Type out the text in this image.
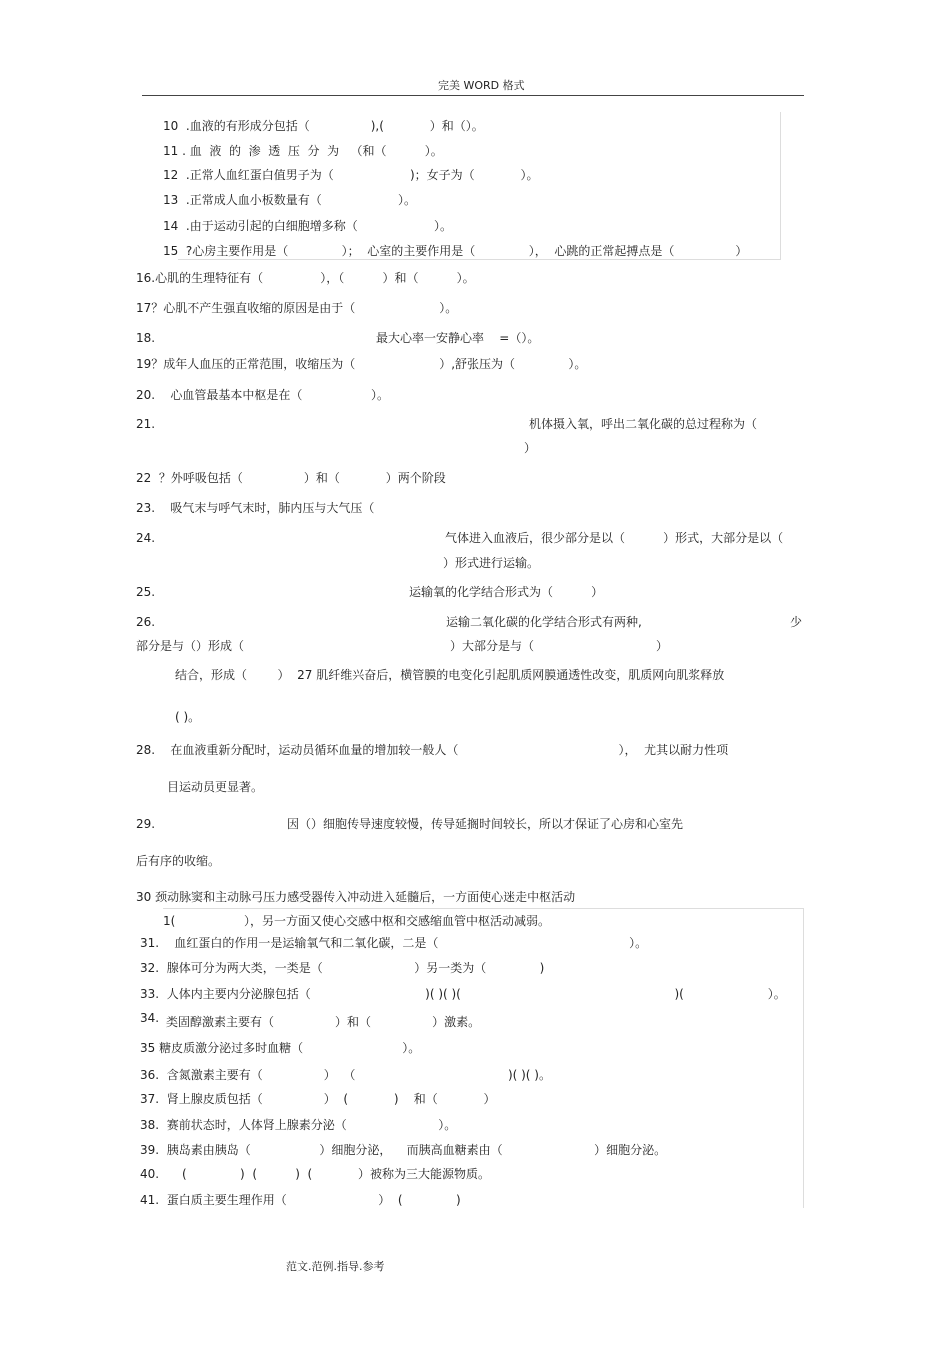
完美 WORD 格式
10  .血液的有形成分包括（                ),(            ）和（）。
11 . 血  液  的  渗  透  压  分  为   （和（          ）。
12  .正常人血红蛋白值男子为（                    )；女子为（            ）。
13  .正常成人血小板数量有（                    ）。
14  .由于运动引起的白细胞增多称（                    ）。
15  ?心房主要作用是（              ）；  心室的主要作用是（              ），  心跳的正常起搏点是（                ）
16.心肌的生理特征有（               ），（          ）和（          ）。
17？心肌不产生强直收缩的原因是由于（                      ）。
18.	最大心率一安静心率    =（）。
19？成年人血压的正常范围，收缩压为（                      ）,舒张压为（              ）。
20.    心血管最基本中枢是在（                  ）。
21.	机体摄入氧，呼出二氧化碳的总过程称为（
）
22  ？外呼吸包括（                ）和（            ）两个阶段
23.    吸气末与呼气末时，肺内压与大气压（
24.	气体进入血液后，很少部分是以（          ）形式，大部分是以（
）形式进行运输。
25.	运输氧的化学结合形式为（          ）
26.	运输二氧化碳的化学结合形式有两种,	少
部分是与（）形成（                                                      ）大部分是与（                                ）
结合，形成（        ）  27 肌纤维兴奋后，横管膜的电变化引起肌质网膜通透性改变，肌质网向肌浆释放
( )。
28.    在血液重新分配时，运动员循环血量的增加较一般人（                                          ），  尤其以耐力性项
目运动员更显著。
29.	因（）细胞传导速度较慢，传导延搁时间较长，所以才保证了心房和心室先
后有序的收缩。
30 颈动脉窦和主动脉弓压力感受器传入冲动进入延髓后，一方面使心迷走中枢活动
1(                  ），另一方面又使心交感中枢和交感缩血管中枢活动减弱。
31.    血红蛋白的作用一是运输氧气和二氧化碳，二是（                                                  ）。
32.  腺体可分为两大类，一类是（                        ）另一类为（              )
33.  人体内主要内分泌腺包括（                              )( )( )(                                                        )(                      ）。
34. 类固醇激素主要有（                ）和（                ）激素。
35 糖皮质激分泌过多时血糖（                          ）。
36.  含氮激素主要有（                ）  （                                        )( )( )。
37.  肾上腺皮质包括（                ）  (            )    和（            ）
38.  赛前状态时，人体肾上腺素分泌（                        ）。
39.  胰岛素由胰岛（                  ）细胞分泌，    而胰高血糖素由（                        ）细胞分泌。
40.      (              )  (          )  (            ）被称为三大能源物质。
41.  蛋白质主要生理作用（                        ）  (              )
范文.范例.指导.参考
